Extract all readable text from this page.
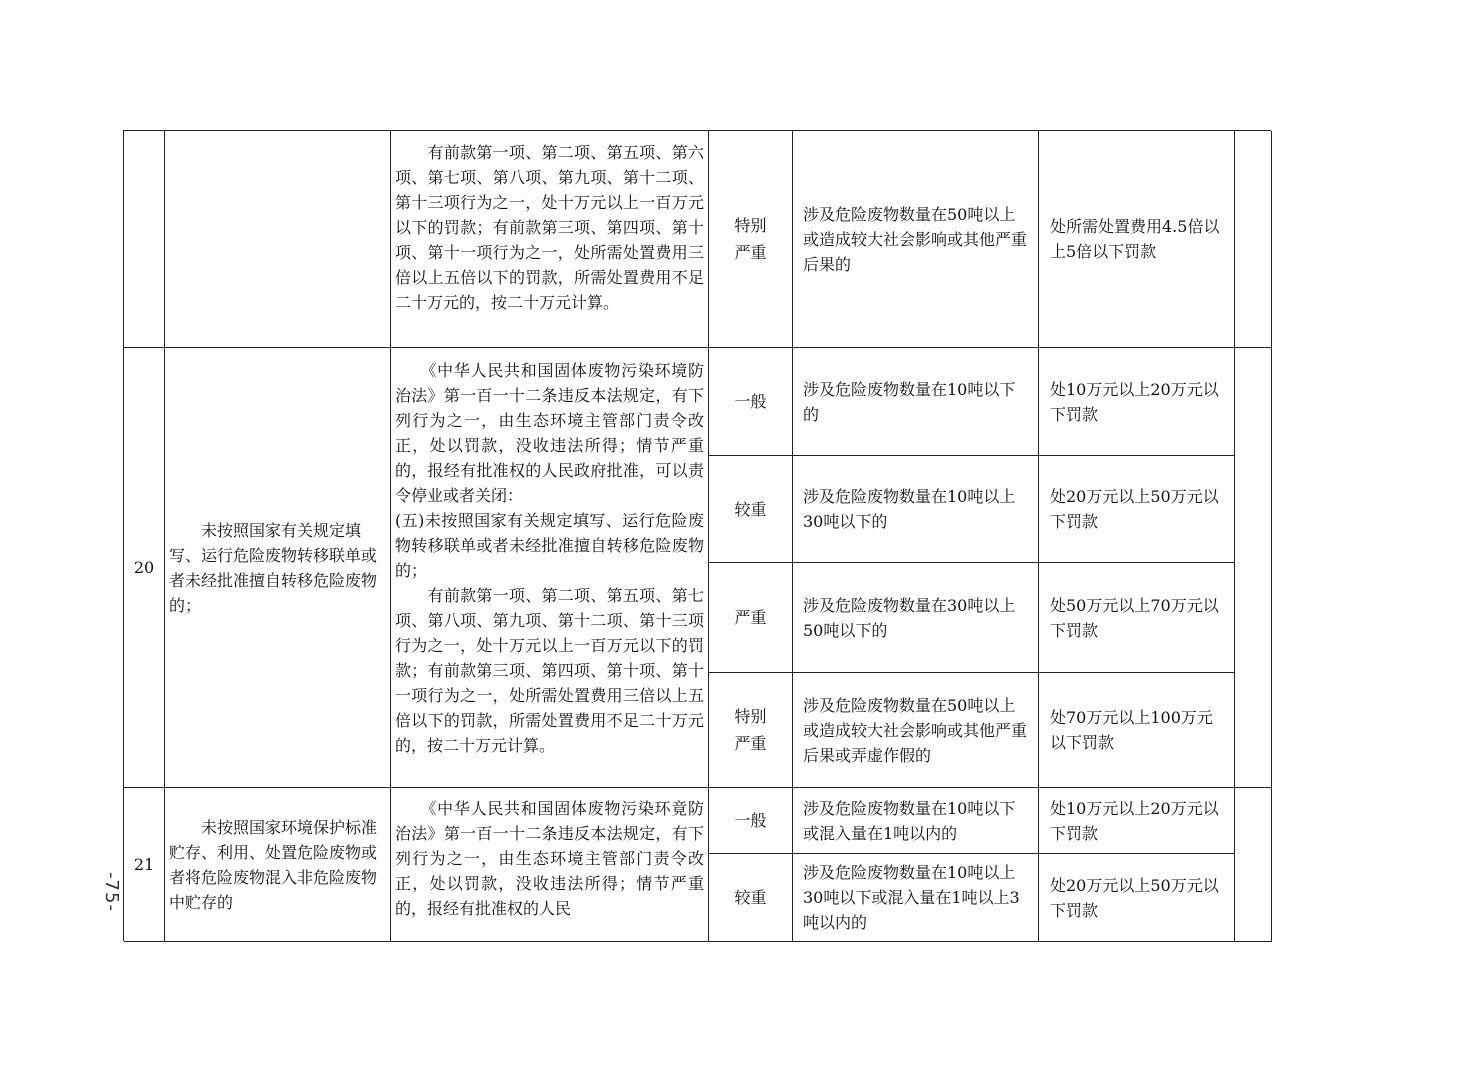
　　有前款第一项、第二项、第五项、第六项、第七项、第八项、第九项、第十二项、第十三项行为之一，处十万元以上一百万元以下的罚款；有前款第三项、第四项、第十项、第十一项行为之一，处所需处置费用三倍以上五倍以下的罚款，所需处置费用不足二十万元的，按二十万元计算。
特别
严重
涉及危险废物数量在50吨以上或造成较大社会影响或其他严重后果的
处所需处置费用4.5倍以上5倍以下罚款
20
　　未按照国家有关规定填写、运行危险废物转移联单或者未经批准擅自转移危险废物的；
　　《中华人民共和国固体废物污染环境防治法》第一百一十二条违反本法规定，有下列行为之一，由生态环境主管部门责令改正，处以罚款，没收违法所得；情节严重的，报经有批准权的人民政府批准，可以责令停业或者关闭：
(五)未按照国家有关规定填写、运行危险废物转移联单或者未经批准擅自转移危险废物的；
　　有前款第一项、第二项、第五项、第七项、第八项、第九项、第十二项、第十三项行为之一，处十万元以上一百万元以下的罚款；有前款第三项、第四项、第十项、第十一项行为之一，处所需处置费用三倍以上五倍以下的罚款，所需处置费用不足二十万元的，按二十万元计算。
一般
涉及危险废物数量在10吨以下的
处10万元以上20万元以下罚款
较重
涉及危险废物数量在10吨以上30吨以下的
处20万元以上50万元以下罚款
严重
涉及危险废物数量在30吨以上50吨以下的
处50万元以上70万元以下罚款
特别
严重
涉及危险废物数量在50吨以上或造成较大社会影响或其他严重后果或弄虚作假的
处70万元以上100万元以下罚款
21
　　未按照国家环境保护标准贮存、利用、处置危险废物或者将危险废物混入非危险废物中贮存的
　　《中华人民共和国固体废物污染环竟防治法》第一百一十二条违反本法规定，有下列行为之一，由生态环境主管部门责令改正，处以罚款，没收违法所得；情节严重的，报经有批准权的人民
一般
涉及危险废物数量在10吨以下或混入量在1吨以内的
处10万元以上20万元以下罚款
较重
涉及危险废物数量在10吨以上30吨以下或混入量在1吨以上3吨以内的
处20万元以上50万元以下罚款
-75-
